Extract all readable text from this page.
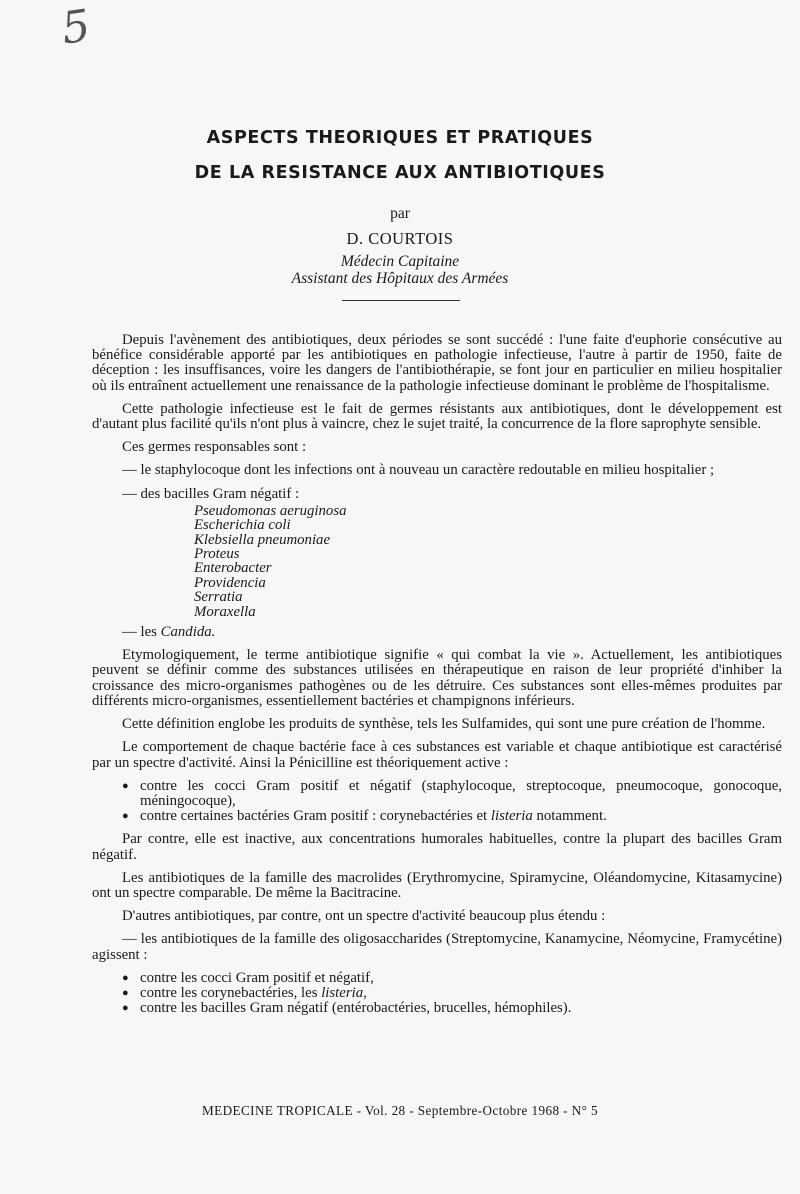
5
ASPECTS THEORIQUES ET PRATIQUES
DE LA RESISTANCE AUX ANTIBIOTIQUES
par
D. COURTOIS
Médecin Capitaine
Assistant des Hôpitaux des Armées

Depuis l'avènement des antibiotiques, deux périodes se sont succédé : l'une faite d'euphorie consécutive au bénéfice considérable apporté par les antibiotiques en pathologie infectieuse, l'autre à partir de 1950, faite de déception : les insuffisances, voire les dangers de l'antibiothérapie, se font jour en particulier en milieu hospitalier où ils entraînent actuellement une renaissance de la pathologie infectieuse dominant le problème de l'hospitalisme.

Cette pathologie infectieuse est le fait de germes résistants aux antibiotiques, dont le développement est d'autant plus facilité qu'ils n'ont plus à vaincre, chez le sujet traité, la concurrence de la flore saprophyte sensible.

Ces germes responsables sont :

— le staphylocoque dont les infections ont à nouveau un caractère redoutable en milieu hospitalier ;

— des bacilles Gram négatif :

Pseudomonas aeruginosa
Escherichia coli
Klebsiella pneumoniae
Proteus
Enterobacter
Providencia
Serratia
Moraxella

— les Candida.

Etymologiquement, le terme antibiotique signifie « qui combat la vie ». Actuellement, les antibiotiques peuvent se définir comme des substances utilisées en thérapeutique en raison de leur propriété d'inhiber la croissance des micro-organismes pathogènes ou de les détruire. Ces substances sont elles-mêmes produites par différents micro-organismes, essentiellement bactéries et champignons inférieurs.

Cette définition englobe les produits de synthèse, tels les Sulfamides, qui sont une pure création de l'homme.

Le comportement de chaque bactérie face à ces substances est variable et chaque antibiotique est caractérisé par un spectre d'activité. Ainsi la Pénicilline est théoriquement active :

● contre les cocci Gram positif et négatif (staphylocoque, streptocoque, pneumocoque, gonocoque, méningocoque),
● contre certaines bactéries Gram positif : corynebactéries et listeria notamment.

Par contre, elle est inactive, aux concentrations humorales habituelles, contre la plupart des bacilles Gram négatif.

Les antibiotiques de la famille des macrolides (Erythromycine, Spiramycine, Oléandomycine, Kitasamycine) ont un spectre comparable. De même la Bacitracine.

D'autres antibiotiques, par contre, ont un spectre d'activité beaucoup plus étendu :

— les antibiotiques de la famille des oligosaccharides (Streptomycine, Kanamycine, Néomycine, Framycétine) agissent :

● contre les cocci Gram positif et négatif,
● contre les corynebactéries, les listeria,
● contre les bacilles Gram négatif (entérobactéries, brucelles, hémophiles).
MEDECINE TROPICALE - Vol. 28 - Septembre-Octobre 1968 - N° 5
